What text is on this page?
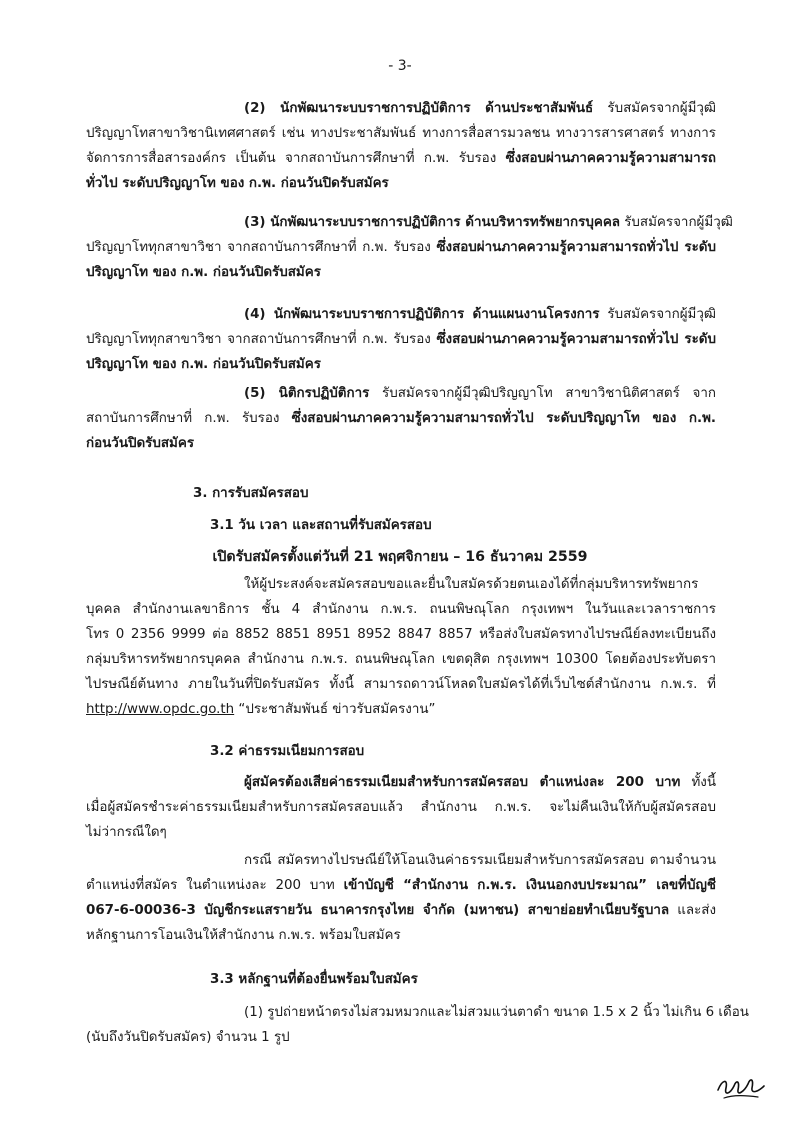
- 3-
(2) นักพัฒนาระบบราชการปฏิบัติการ ด้านประชาสัมพันธ์ รับสมัครจากผู้มีวุฒิ
ปริญญาโทสาขาวิชานิเทศศาสตร์ เช่น ทางประชาสัมพันธ์ ทางการสื่อสารมวลชน ทางวารสารศาสตร์ ทางการ
จัดการการสื่อสารองค์กร เป็นต้น จากสถาบันการศึกษาที่ ก.พ. รับรอง ซึ่งสอบผ่านภาคความรู้ความสามารถ
ทั่วไป ระดับปริญญาโท ของ ก.พ. ก่อนวันปิดรับสมัคร
(3) นักพัฒนาระบบราชการปฏิบัติการ ด้านบริหารทรัพยากรบุคคล รับสมัครจากผู้มีวุฒิ
ปริญญาโททุกสาขาวิชา จากสถาบันการศึกษาที่ ก.พ. รับรอง ซึ่งสอบผ่านภาคความรู้ความสามารถทั่วไป ระดับ
ปริญญาโท ของ ก.พ. ก่อนวันปิดรับสมัคร
(4) นักพัฒนาระบบราชการปฏิบัติการ ด้านแผนงานโครงการ รับสมัครจากผู้มีวุฒิ
ปริญญาโททุกสาขาวิชา จากสถาบันการศึกษาที่ ก.พ. รับรอง ซึ่งสอบผ่านภาคความรู้ความสามารถทั่วไป ระดับ
ปริญญาโท ของ ก.พ. ก่อนวันปิดรับสมัคร
(5) นิติกรปฏิบัติการ รับสมัครจากผู้มีวุฒิปริญญาโท สาขาวิชานิติศาสตร์ จาก
สถาบันการศึกษาที่ ก.พ. รับรอง ซึ่งสอบผ่านภาคความรู้ความสามารถทั่วไป ระดับปริญญาโท ของ ก.พ.
ก่อนวันปิดรับสมัคร
3. การรับสมัครสอบ
3.1 วัน เวลา และสถานที่รับสมัครสอบ
เปิดรับสมัครตั้งแต่วันที่ 21 พฤศจิกายน – 16 ธันวาคม 2559
ให้ผู้ประสงค์จะสมัครสอบขอและยื่นใบสมัครด้วยตนเองได้ที่กลุ่มบริหารทรัพยากร
บุคคล สำนักงานเลขาธิการ ชั้น 4 สำนักงาน ก.พ.ร. ถนนพิษณุโลก กรุงเทพฯ ในวันและเวลาราชการ
โทร 0 2356 9999 ต่อ 8852 8851 8951 8952 8847 8857 หรือส่งใบสมัครทางไปรษณีย์ลงทะเบียนถึง
กลุ่มบริหารทรัพยากรบุคคล สำนักงาน ก.พ.ร. ถนนพิษณุโลก เขตดุสิต กรุงเทพฯ 10300 โดยต้องประทับตรา
ไปรษณีย์ต้นทาง ภายในวันที่ปิดรับสมัคร ทั้งนี้ สามารถดาวน์โหลดใบสมัครได้ที่เว็บไซต์สำนักงาน ก.พ.ร. ที่
http://www.opdc.go.th “ประชาสัมพันธ์ ข่าวรับสมัครงาน”
3.2 ค่าธรรมเนียมการสอบ
ผู้สมัครต้องเสียค่าธรรมเนียมสำหรับการสมัครสอบ ตำแหน่งละ 200 บาท ทั้งนี้
เมื่อผู้สมัครชำระค่าธรรมเนียมสำหรับการสมัครสอบแล้ว สำนักงาน ก.พ.ร. จะไม่คืนเงินให้กับผู้สมัครสอบ
ไม่ว่ากรณีใดๆ
กรณี สมัครทางไปรษณีย์ให้โอนเงินค่าธรรมเนียมสำหรับการสมัครสอบ ตามจำนวน
ตำแหน่งที่สมัคร ในตำแหน่งละ 200 บาท เข้าบัญชี “สำนักงาน ก.พ.ร. เงินนอกงบประมาณ” เลขที่บัญชี
067-6-00036-3 บัญชีกระแสรายวัน ธนาคารกรุงไทย จำกัด (มหาชน) สาขาย่อยทำเนียบรัฐบาล และส่ง
หลักฐานการโอนเงินให้สำนักงาน ก.พ.ร. พร้อมใบสมัคร
3.3 หลักฐานที่ต้องยื่นพร้อมใบสมัคร
(1) รูปถ่ายหน้าตรงไม่สวมหมวกและไม่สวมแว่นตาดำ ขนาด 1.5 x 2 นิ้ว ไม่เกิน 6 เดือน
(นับถึงวันปิดรับสมัคร) จำนวน 1 รูป
